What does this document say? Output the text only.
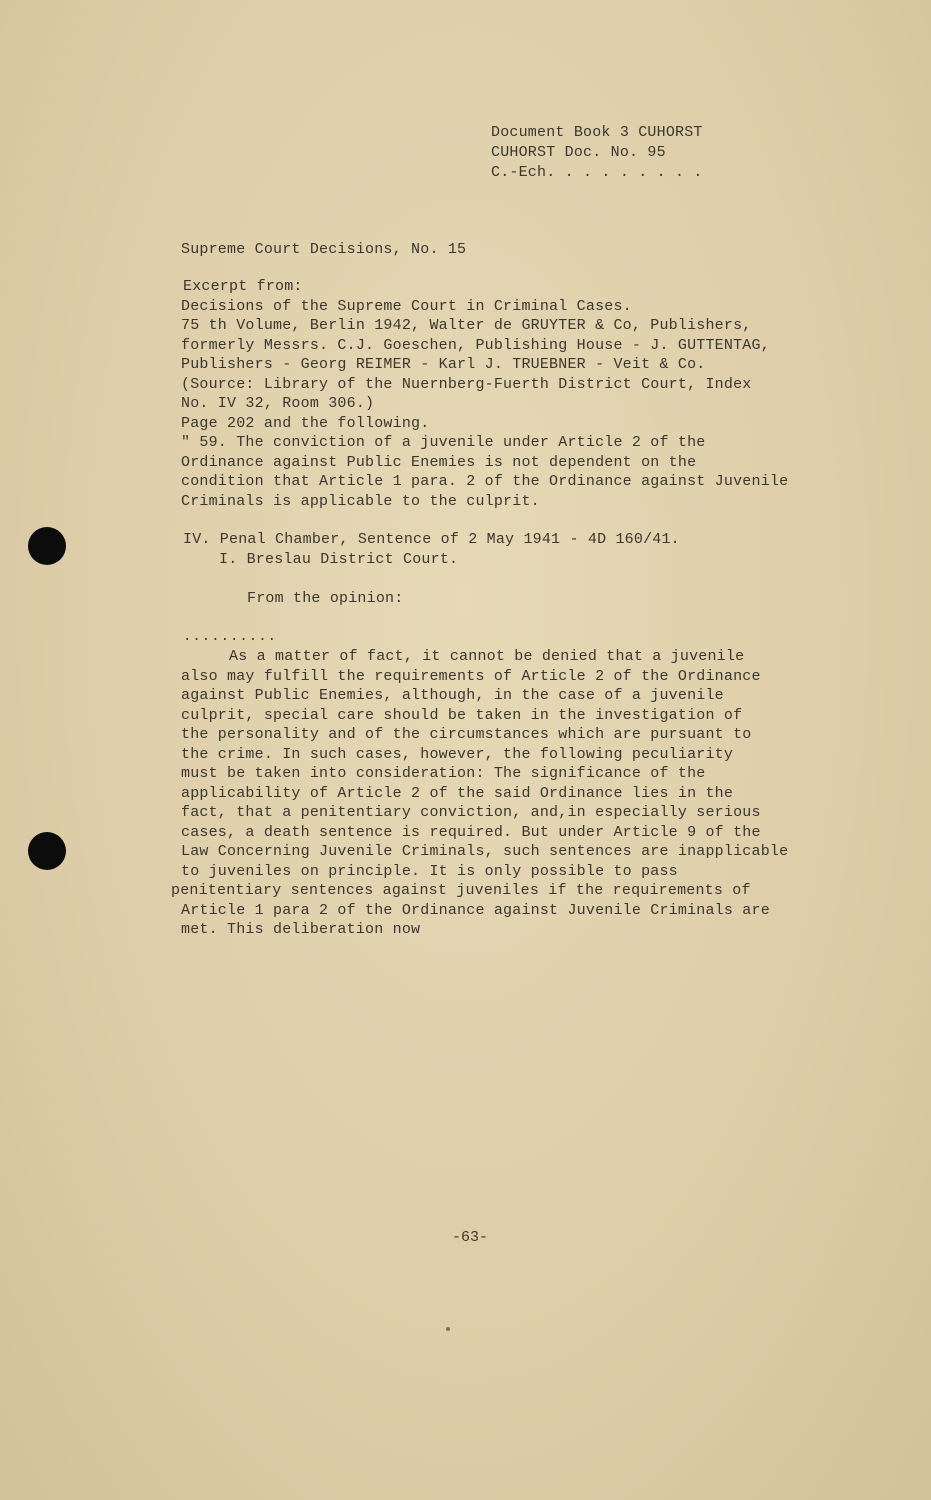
Document Book 3 CUHORST
CUHORST Doc. No. 95
C.-Ech. . . . . . . . .
Supreme Court Decisions, No. 15
Excerpt from:
Decisions of the Supreme Court in Criminal Cases.
75 th Volume, Berlin 1942, Walter de GRUYTER & Co, Publishers,
formerly Messrs. C.J. Goeschen, Publishing House - J. GUTTENTAG,
Publishers - Georg REIMER - Karl J. TRUEBNER - Veit & Co.
(Source: Library of the Nuernberg-Fuerth District Court, Index
No. IV 32, Room 306.)
Page 202 and the following.
" 59. The conviction of a juvenile under Article 2 of the
Ordinance against Public Enemies is not dependent on the
condition that Article 1 para. 2 of the Ordinance against Juvenile
Criminals is applicable to the culprit.
IV. Penal Chamber, Sentence of 2 May 1941 - 4D 160/41.
I. Breslau District Court.
From the opinion:
..........
As a matter of fact, it cannot be denied that a juvenile
also may fulfill the requirements of Article 2 of the Ordinance
against Public Enemies, although, in the case of a juvenile
culprit, special care should be taken in the investigation of
the personality and of the circumstances which are pursuant to
the crime. In such cases, however, the following peculiarity
must be taken into consideration: The significance of the
applicability of Article 2 of the said Ordinance lies in the
fact, that a penitentiary conviction, and,in especially serious
cases, a death sentence is required. But under Article 9 of the
Law Concerning Juvenile Criminals, such sentences are inapplicable
to juveniles on principle. It is only possible to pass
penitentiary sentences against juveniles if the requirements of
Article 1 para 2 of the Ordinance against Juvenile Criminals are
met. This deliberation now
-63-
